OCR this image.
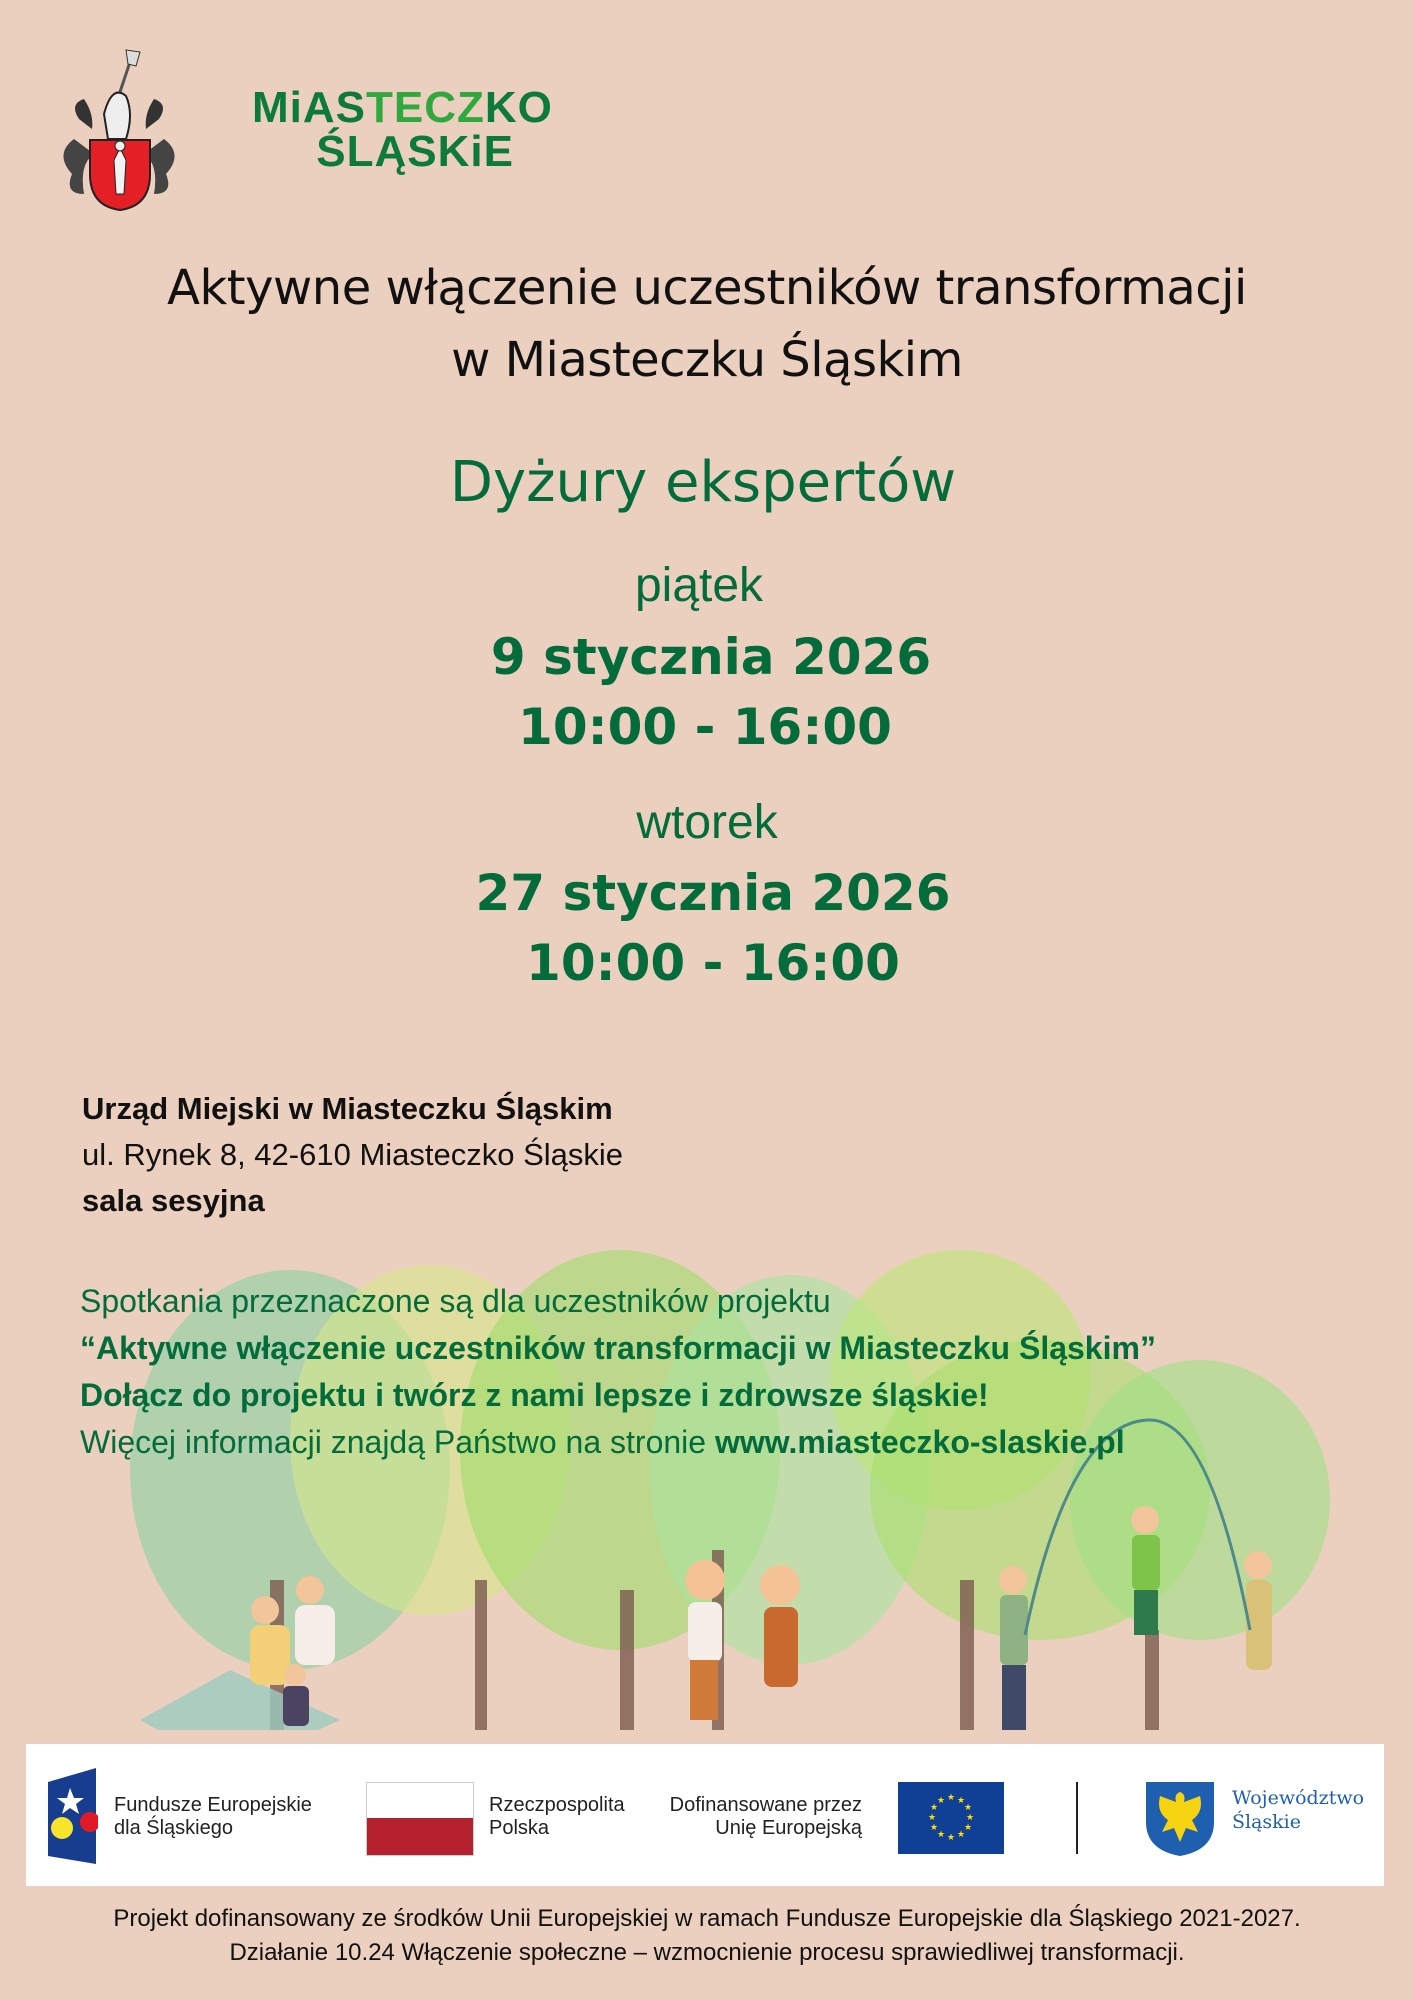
MiASTECZKO
ŚLĄSKiE
Aktywne włączenie uczestników transformacji
w Miasteczku Śląskim
Dyżury ekspertów
piątek
9 stycznia 2026
10:00 - 16:00
wtorek
27 stycznia 2026
10:00 - 16:00
Urząd Miejski w Miasteczku Śląskim
ul. Rynek 8, 42-610 Miasteczko Śląskie
sala sesyjna
Spotkania przeznaczone są dla uczestników projektu
“Aktywne włączenie uczestników transformacji w Miasteczku Śląskim”
Dołącz do projektu i twórz z nami lepsze i zdrowsze śląskie!
Więcej informacji znajdą Państwo na stronie www.miasteczko-slaskie.pl
Fundusze Europejskie
dla Śląskiego
Rzeczpospolita
Polska
Dofinansowane przez
Unię Europejską
★ ★
★
★
★
★
★
★
★
★
★
★	Województwo
Śląskie
Projekt dofinansowany ze środków Unii Europejskiej w ramach Fundusze Europejskie dla Śląskiego 2021-2027.
Działanie 10.24 Włączenie społeczne – wzmocnienie procesu sprawiedliwej transformacji.
